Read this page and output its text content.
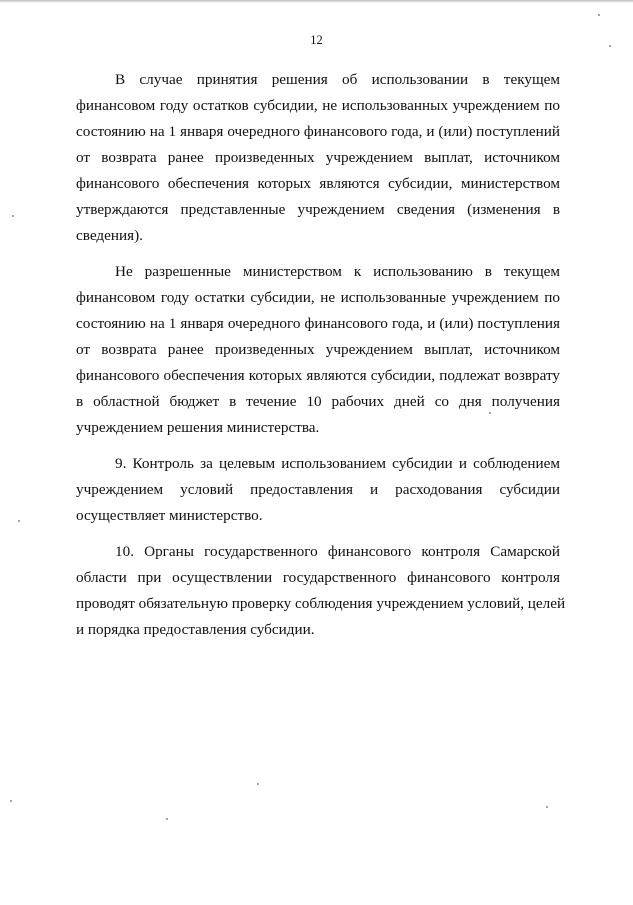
12

В случае принятия решения об использовании в текущем
финансовом году остатков субсидии, не использованных учреждением по
состоянию на 1 января очередного финансового года, и (или) поступлений
от возврата ранее произведенных учреждением выплат, источником
финансового обеспечения которых являются субсидии, министерством
утверждаются представленные учреждением сведения (изменения в
сведения).

Не разрешенные министерством к использованию в текущем
финансовом году остатки субсидии, не использованные учреждением по
состоянию на 1 января очередного финансового года, и (или) поступления
от возврата ранее произведенных учреждением выплат, источником
финансового обеспечения которых являются субсидии, подлежат возврату
в областной бюджет в течение 10 рабочих дней со дня получения
учреждением решения министерства.

9. Контроль за целевым использованием субсидии и соблюдением
учреждением условий предоставления и расходования субсидии
осуществляет министерство.

10. Органы государственного финансового контроля Самарской
области при осуществлении государственного финансового контроля
проводят обязательную проверку соблюдения учреждением условий, целей
и порядка предоставления субсидии.
